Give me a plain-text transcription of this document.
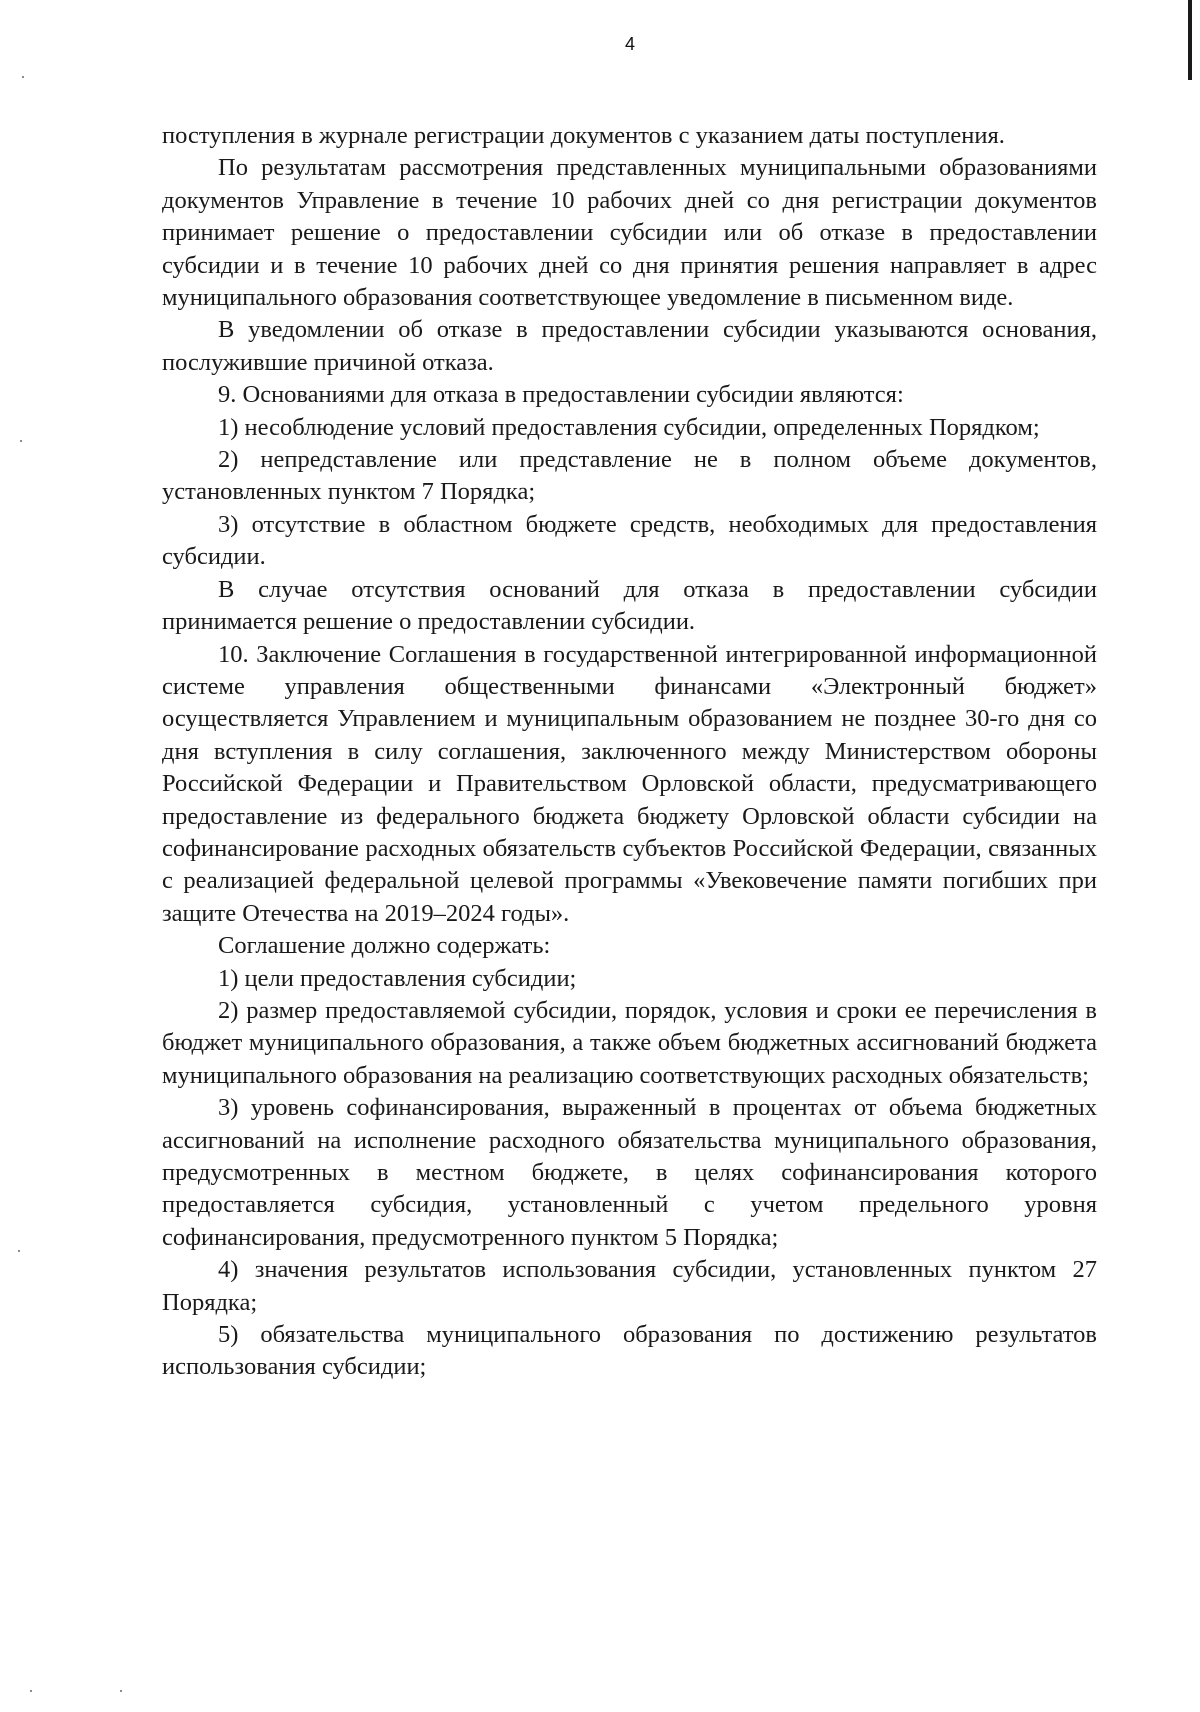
4

поступления в журнале регистрации документов с указанием даты поступления.

По результатам рассмотрения представленных муниципальными образованиями документов Управление в течение 10 рабочих дней со дня регистрации документов принимает решение о предоставлении субсидии или об отказе в предоставлении субсидии и в течение 10 рабочих дней со дня принятия решения направляет в адрес муниципального образования соответствующее уведомление в письменном виде.

В уведомлении об отказе в предоставлении субсидии указываются основания, послужившие причиной отказа.

9. Основаниями для отказа в предоставлении субсидии являются:

1) несоблюдение условий предоставления субсидии, определенных Порядком;

2) непредставление или представление не в полном объеме документов, установленных пунктом 7 Порядка;

3) отсутствие в областном бюджете средств, необходимых для предоставления субсидии.

В случае отсутствия оснований для отказа в предоставлении субсидии принимается решение о предоставлении субсидии.

10. Заключение Соглашения в государственной интегрированной информационной системе управления общественными финансами «Электронный бюджет» осуществляется Управлением и муниципальным образованием не позднее 30-го дня со дня вступления в силу соглашения, заключенного между Министерством обороны Российской Федерации и Правительством Орловской области, предусматривающего предоставление из федерального бюджета бюджету Орловской области субсидии на софинансирование расходных обязательств субъектов Российской Федерации, связанных с реализацией федеральной целевой программы «Увековечение памяти погибших при защите Отечества на 2019–2024 годы».

Соглашение должно содержать:

1) цели предоставления субсидии;

2) размер предоставляемой субсидии, порядок, условия и сроки ее перечисления в бюджет муниципального образования, а также объем бюджетных ассигнований бюджета муниципального образования на реализацию соответствующих расходных обязательств;

3) уровень софинансирования, выраженный в процентах от объема бюджетных ассигнований на исполнение расходного обязательства муниципального образования, предусмотренных в местном бюджете, в целях софинансирования которого предоставляется субсидия, установленный с учетом предельного уровня софинансирования, предусмотренного пунктом 5 Порядка;

4) значения результатов использования субсидии, установленных пунктом 27 Порядка;

5) обязательства муниципального образования по достижению результатов использования субсидии;
